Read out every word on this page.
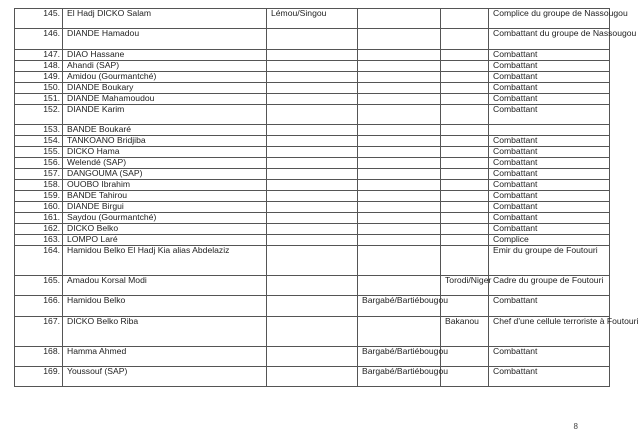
145.	El Hadj DICKO Salam	Lémou/Singou			Complice du groupe de Nassougou
146.	DIANDE Hamadou				Combattant du groupe de Nassougou
147.	DIAO Hassane				Combattant
148.	Ahandi (SAP)				Combattant
149.	Amidou (Gourmantché)				Combattant
150.	DIANDE Boukary				Combattant
151.	DIANDE Mahamoudou				Combattant
152.	DIANDE Karim				Combattant
153.	BANDE Boukaré				
154.	TANKOANO Bridjiba				Combattant
155.	DICKO Hama				Combattant
156.	Welendé (SAP)				Combattant
157.	DANGOUMA (SAP)				Combattant
158.	OUOBO Ibrahim				Combattant
159.	BANDE Tahirou				Combattant
160.	DIANDE Birgui				Combattant
161.	Saydou (Gourmantché)				Combattant
162.	DICKO Belko				Combattant
163.	LOMPO Laré				Complice
164.	Hamidou Belko El Hadj Kia alias Abdelaziz				Emir du groupe de Foutouri
165.	Amadou Korsal Modi			Torodi/Niger	Cadre du groupe de Foutouri
166.	Hamidou Belko		Bargabé/Bartiébougou		Combattant
167.	DICKO Belko Riba			Bakanou	Chef d'une cellule terroriste à Foutouri
168.	Hamma Ahmed		Bargabé/Bartiébougou		Combattant
169.	Youssouf (SAP)		Bargabé/Bartiébougou		Combattant
8
